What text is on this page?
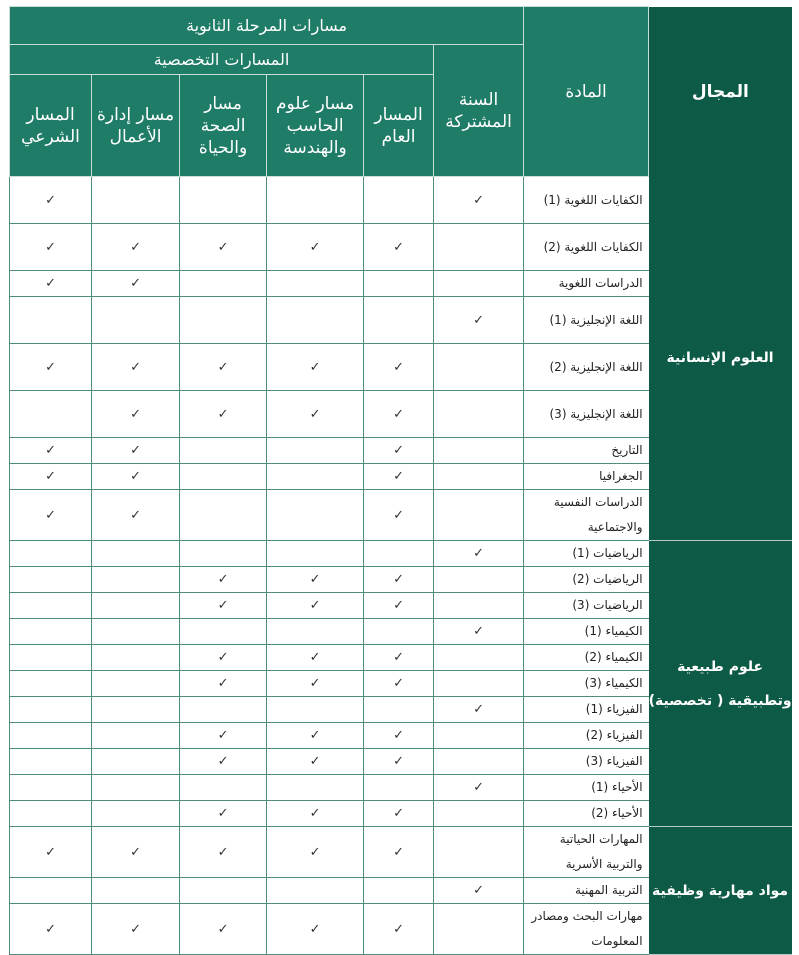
المجال	المادة	مسارات المرحلة الثانوية					
		السنة المشتركة	المسارات التخصصية				
			المسار العام	مسار علوم الحاسب والهندسة	مسار الصحة والحياة	مسار إدارة الأعمال	المسار الشرعي
العلوم الإنسانية	الكفايات اللغوية (1)	✓					✓
	الكفايات اللغوية (2)		✓	✓	✓	✓	✓
	الدراسات اللغوية					✓	✓
	اللغة الإنجليزية (1)	✓					
	اللغة الإنجليزية (2)		✓	✓	✓	✓	✓
	اللغة الإنجليزية (3)		✓	✓	✓	✓	
	التاريخ		✓			✓	✓
	الجغرافيا		✓			✓	✓
	الدراسات النفسية والاجتماعية		✓			✓	✓
علوم طبيعية وتطبيقية ( تخصصية)	الرياضيات (1)	✓					
	الرياضيات (2)		✓	✓	✓		
	الرياضيات (3)		✓	✓	✓		
	الكيمياء (1)	✓					
	الكيمياء (2)		✓	✓	✓		
	الكيمياء (3)		✓	✓	✓		
	الفيزياء (1)	✓					
	الفيزياء (2)		✓	✓	✓		
	الفيزياء (3)		✓	✓	✓		
	الأحياء (1)	✓					
	الأحياء (2)		✓	✓	✓		
مواد مهارية وظيفية	المهارات الحياتية والتربية الأسرية		✓	✓	✓	✓	✓
	التربية المهنية	✓					
	مهارات البحث ومصادر المعلومات		✓	✓	✓	✓	✓
